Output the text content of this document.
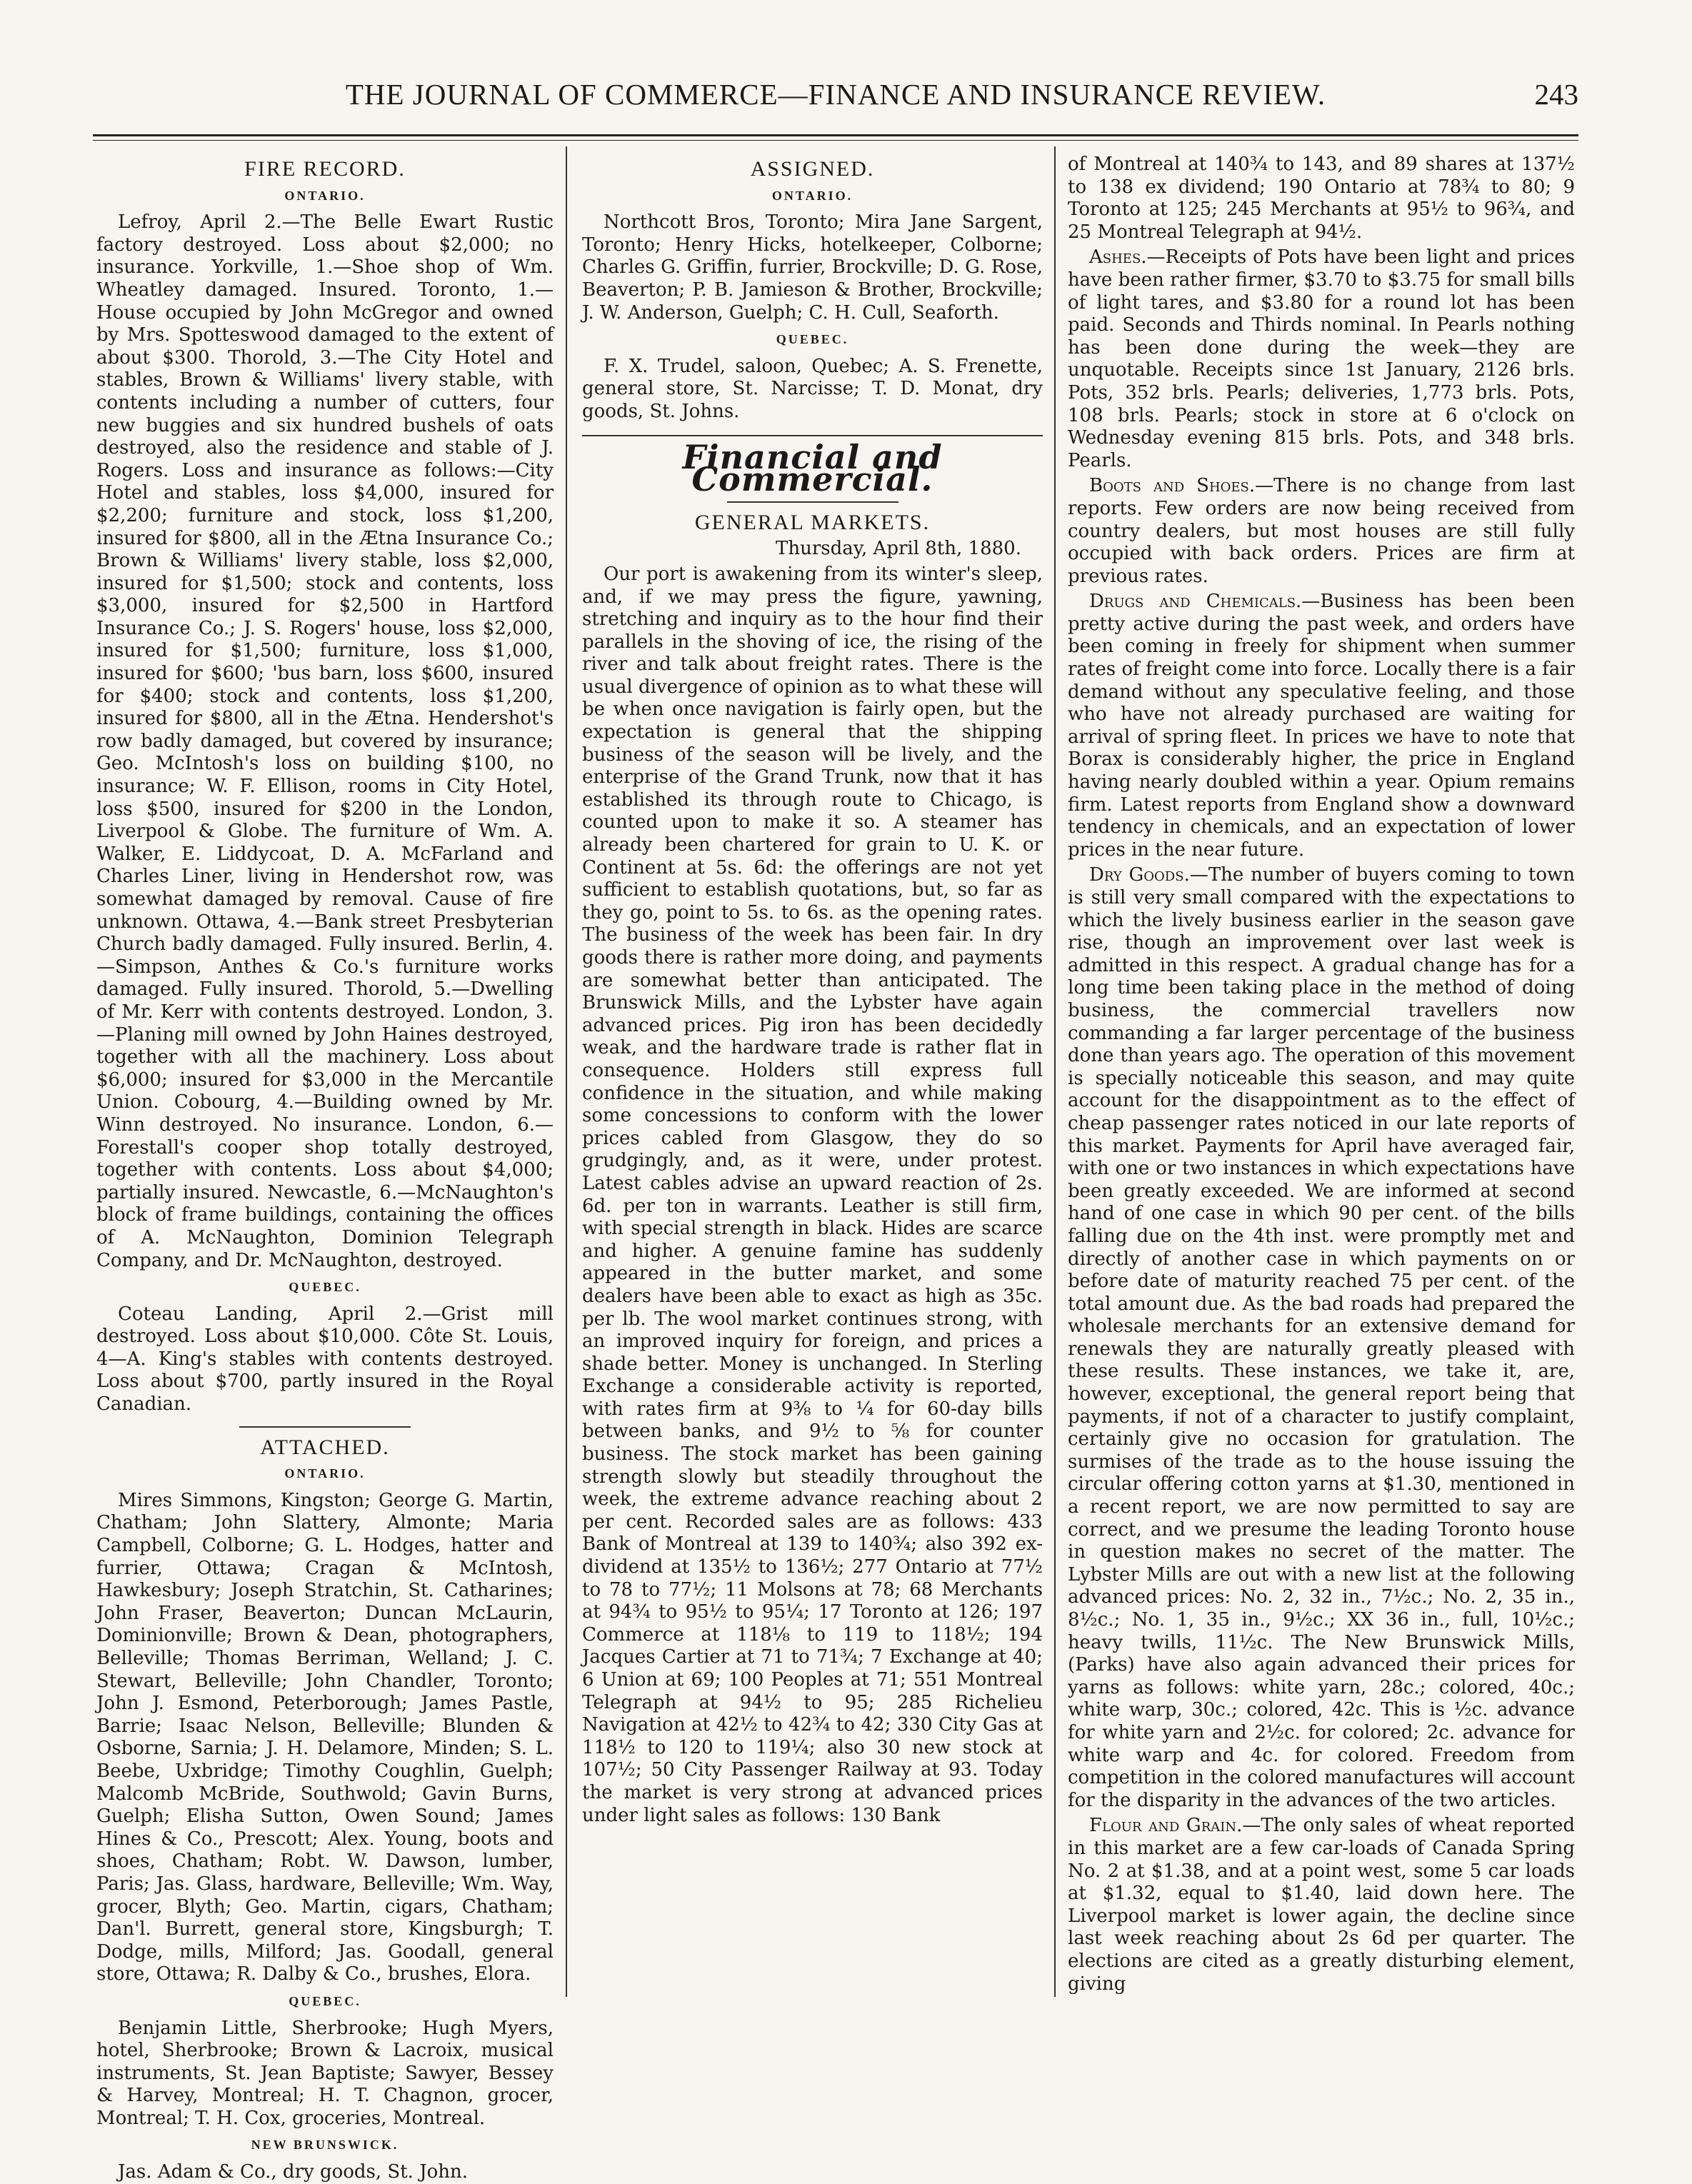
THE JOURNAL OF COMMERCE—FINANCE AND INSURANCE REVIEW.	243
FIRE RECORD.
ONTARIO.

Lefroy, April 2.—The Belle Ewart Rustic factory destroyed. Loss about $2,000; no insurance. Yorkville, 1.—Shoe shop of Wm. Wheatley damaged. Insured. Toronto, 1.—House occupied by John McGregor and owned by Mrs. Spotteswood damaged to the extent of about $300. Thorold, 3.—The City Hotel and stables, Brown & Williams' livery stable, with contents including a number of cutters, four new buggies and six hundred bushels of oats destroyed, also the residence and stable of J. Rogers. Loss and insurance as follows:—City Hotel and stables, loss $4,000, insured for $2,200; furniture and stock, loss $1,200, insured for $800, all in the Ætna Insurance Co.; Brown & Williams' livery stable, loss $2,000, insured for $1,500; stock and contents, loss $3,000, insured for $2,500 in Hartford Insurance Co.; J. S. Rogers' house, loss $2,000, insured for $1,500; furniture, loss $1,000, insured for $600; 'bus barn, loss $600, insured for $400; stock and contents, loss $1,200, insured for $800, all in the Ætna. Hendershot's row badly damaged, but covered by insurance; Geo. McIntosh's loss on building $100, no insurance; W. F. Ellison, rooms in City Hotel, loss $500, insured for $200 in the London, Liverpool & Globe. The furniture of Wm. A. Walker, E. Liddycoat, D. A. McFarland and Charles Liner, living in Hendershot row, was somewhat damaged by removal. Cause of fire unknown. Ottawa, 4.—Bank street Presbyterian Church badly damaged. Fully insured. Berlin, 4.—Simpson, Anthes & Co.'s furniture works damaged. Fully insured. Thorold, 5.—Dwelling of Mr. Kerr with contents destroyed. London, 3.—Planing mill owned by John Haines destroyed, together with all the machinery. Loss about $6,000; insured for $3,000 in the Mercantile Union. Cobourg, 4.—Building owned by Mr. Winn destroyed. No insurance. London, 6.—Forestall's cooper shop totally destroyed, together with contents. Loss about $4,000; partially insured. Newcastle, 6.—McNaughton's block of frame buildings, containing the offices of A. McNaughton, Dominion Telegraph Company, and Dr. McNaughton, destroyed.

QUEBEC.

Coteau Landing, April 2.—Grist mill destroyed. Loss about $10,000. Côte St. Louis, 4—A. King's stables with contents destroyed. Loss about $700, partly insured in the Royal Canadian.

ATTACHED.
ONTARIO.

Mires Simmons, Kingston; George G. Martin, Chatham; John Slattery, Almonte; Maria Campbell, Colborne; G. L. Hodges, hatter and furrier, Ottawa; Cragan & McIntosh, Hawkesbury; Joseph Stratchin, St. Catharines; John Fraser, Beaverton; Duncan McLaurin, Dominionville; Brown & Dean, photographers, Belleville; Thomas Berriman, Welland; J. C. Stewart, Belleville; John Chandler, Toronto; John J. Esmond, Peterborough; James Pastle, Barrie; Isaac Nelson, Belleville; Blunden & Osborne, Sarnia; J. H. Delamore, Minden; S. L. Beebe, Uxbridge; Timothy Coughlin, Guelph; Malcomb McBride, Southwold; Gavin Burns, Guelph; Elisha Sutton, Owen Sound; James Hines & Co., Prescott; Alex. Young, boots and shoes, Chatham; Robt. W. Dawson, lumber, Paris; Jas. Glass, hardware, Belleville; Wm. Way, grocer, Blyth; Geo. Martin, cigars, Chatham; Dan'l. Burrett, general store, Kingsburgh; T. Dodge, mills, Milford; Jas. Goodall, general store, Ottawa; R. Dalby & Co., brushes, Elora.

QUEBEC.

Benjamin Little, Sherbrooke; Hugh Myers, hotel, Sherbrooke; Brown & Lacroix, musical instruments, St. Jean Baptiste; Sawyer, Bessey & Harvey, Montreal; H. T. Chagnon, grocer, Montreal; T. H. Cox, groceries, Montreal.

NEW BRUNSWICK.

Jas. Adam & Co., dry goods, St. John.

ASSIGNED.
ONTARIO.

Northcott Bros, Toronto; Mira Jane Sargent, Toronto; Henry Hicks, hotelkeeper, Colborne; Charles G. Griffin, furrier, Brockville; D. G. Rose, Beaverton; P. B. Jamieson & Brother, Brockville; J. W. Anderson, Guelph; C. H. Cull, Seaforth.

QUEBEC.

F. X. Trudel, saloon, Quebec; A. S. Frenette, general store, St. Narcisse; T. D. Monat, dry goods, St. Johns.

Financial and Commercial.
GENERAL MARKETS.
Thursday, April 8th, 1880.

Our port is awakening from its winter's sleep, and, if we may press the figure, yawning, stretching and inquiry as to the hour find their parallels in the shoving of ice, the rising of the river and talk about freight rates. There is the usual divergence of opinion as to what these will be when once navigation is fairly open, but the expectation is general that the shipping business of the season will be lively, and the enterprise of the Grand Trunk, now that it has established its through route to Chicago, is counted upon to make it so. A steamer has already been chartered for grain to U. K. or Continent at 5s. 6d: the offerings are not yet sufficient to establish quotations, but, so far as they go, point to 5s. to 6s. as the opening rates. The business of the week has been fair. In dry goods there is rather more doing, and payments are somewhat better than anticipated. The Brunswick Mills, and the Lybster have again advanced prices. Pig iron has been decidedly weak, and the hardware trade is rather flat in consequence. Holders still express full confidence in the situation, and while making some concessions to conform with the lower prices cabled from Glasgow, they do so grudgingly, and, as it were, under protest. Latest cables advise an upward reaction of 2s. 6d. per ton in warrants. Leather is still firm, with special strength in black. Hides are scarce and higher. A genuine famine has suddenly appeared in the butter market, and some dealers have been able to exact as high as 35c. per lb. The wool market continues strong, with an improved inquiry for foreign, and prices a shade better. Money is unchanged. In Sterling Exchange a considerable activity is reported, with rates firm at 9⅜ to ¼ for 60-day bills between banks, and 9½ to ⅝ for counter business. The stock market has been gaining strength slowly but steadily throughout the week, the extreme advance reaching about 2 per cent. Recorded sales are as follows: 433 Bank of Montreal at 139 to 140¾; also 392 ex-dividend at 135½ to 136½; 277 Ontario at 77½ to 78 to 77½; 11 Molsons at 78; 68 Merchants at 94¾ to 95½ to 95¼; 17 Toronto at 126; 197 Commerce at 118⅛ to 119 to 118½; 194 Jacques Cartier at 71 to 71¾; 7 Exchange at 40; 6 Union at 69; 100 Peoples at 71; 551 Montreal Telegraph at 94½ to 95; 285 Richelieu Navigation at 42½ to 42¾ to 42; 330 City Gas at 118½ to 120 to 119¼; also 30 new stock at 107½; 50 City Passenger Railway at 93. Today the market is very strong at advanced prices under light sales as follows: 130 Bank

of Montreal at 140¾ to 143, and 89 shares at 137½ to 138 ex dividend; 190 Ontario at 78¾ to 80; 9 Toronto at 125; 245 Merchants at 95½ to 96¾, and 25 Montreal Telegraph at 94½.

Ashes.—Receipts of Pots have been light and prices have been rather firmer, $3.70 to $3.75 for small bills of light tares, and $3.80 for a round lot has been paid. Seconds and Thirds nominal. In Pearls nothing has been done during the week—they are unquotable. Receipts since 1st January, 2126 brls. Pots, 352 brls. Pearls; deliveries, 1,773 brls. Pots, 108 brls. Pearls; stock in store at 6 o'clock on Wednesday evening 815 brls. Pots, and 348 brls. Pearls.

Boots and Shoes.—There is no change from last reports. Few orders are now being received from country dealers, but most houses are still fully occupied with back orders. Prices are firm at previous rates.

Drugs and Chemicals.—Business has been been pretty active during the past week, and orders have been coming in freely for shipment when summer rates of freight come into force. Locally there is a fair demand without any speculative feeling, and those who have not already purchased are waiting for arrival of spring fleet. In prices we have to note that Borax is considerably higher, the price in England having nearly doubled within a year. Opium remains firm. Latest reports from England show a downward tendency in chemicals, and an expectation of lower prices in the near future.

Dry Goods.—The number of buyers coming to town is still very small compared with the expectations to which the lively business earlier in the season gave rise, though an improvement over last week is admitted in this respect. A gradual change has for a long time been taking place in the method of doing business, the commercial travellers now commanding a far larger percentage of the business done than years ago. The operation of this movement is specially noticeable this season, and may quite account for the disappointment as to the effect of cheap passenger rates noticed in our late reports of this market. Payments for April have averaged fair, with one or two instances in which expectations have been greatly exceeded. We are informed at second hand of one case in which 90 per cent. of the bills falling due on the 4th inst. were promptly met and directly of another case in which payments on or before date of maturity reached 75 per cent. of the total amount due. As the bad roads had prepared the wholesale merchants for an extensive demand for renewals they are naturally greatly pleased with these results. These instances, we take it, are, however, exceptional, the general report being that payments, if not of a character to justify complaint, certainly give no occasion for gratulation. The surmises of the trade as to the house issuing the circular offering cotton yarns at $1.30, mentioned in a recent report, we are now permitted to say are correct, and we presume the leading Toronto house in question makes no secret of the matter. The Lybster Mills are out with a new list at the following advanced prices: No. 2, 32 in., 7½c.; No. 2, 35 in., 8½c.; No. 1, 35 in., 9½c.; XX 36 in., full, 10½c.; heavy twills, 11½c. The New Brunswick Mills, (Parks) have also again advanced their prices for yarns as follows: white yarn, 28c.; colored, 40c.; white warp, 30c.; colored, 42c. This is ½c. advance for white yarn and 2½c. for colored; 2c. advance for white warp and 4c. for colored. Freedom from competition in the colored manufactures will account for the disparity in the advances of the two articles.

Flour and Grain.—The only sales of wheat reported in this market are a few car-loads of Canada Spring No. 2 at $1.38, and at a point west, some 5 car loads at $1.32, equal to $1.40, laid down here. The Liverpool market is lower again, the decline since last week reaching about 2s 6d per quarter. The elections are cited as a greatly disturbing element, giving
